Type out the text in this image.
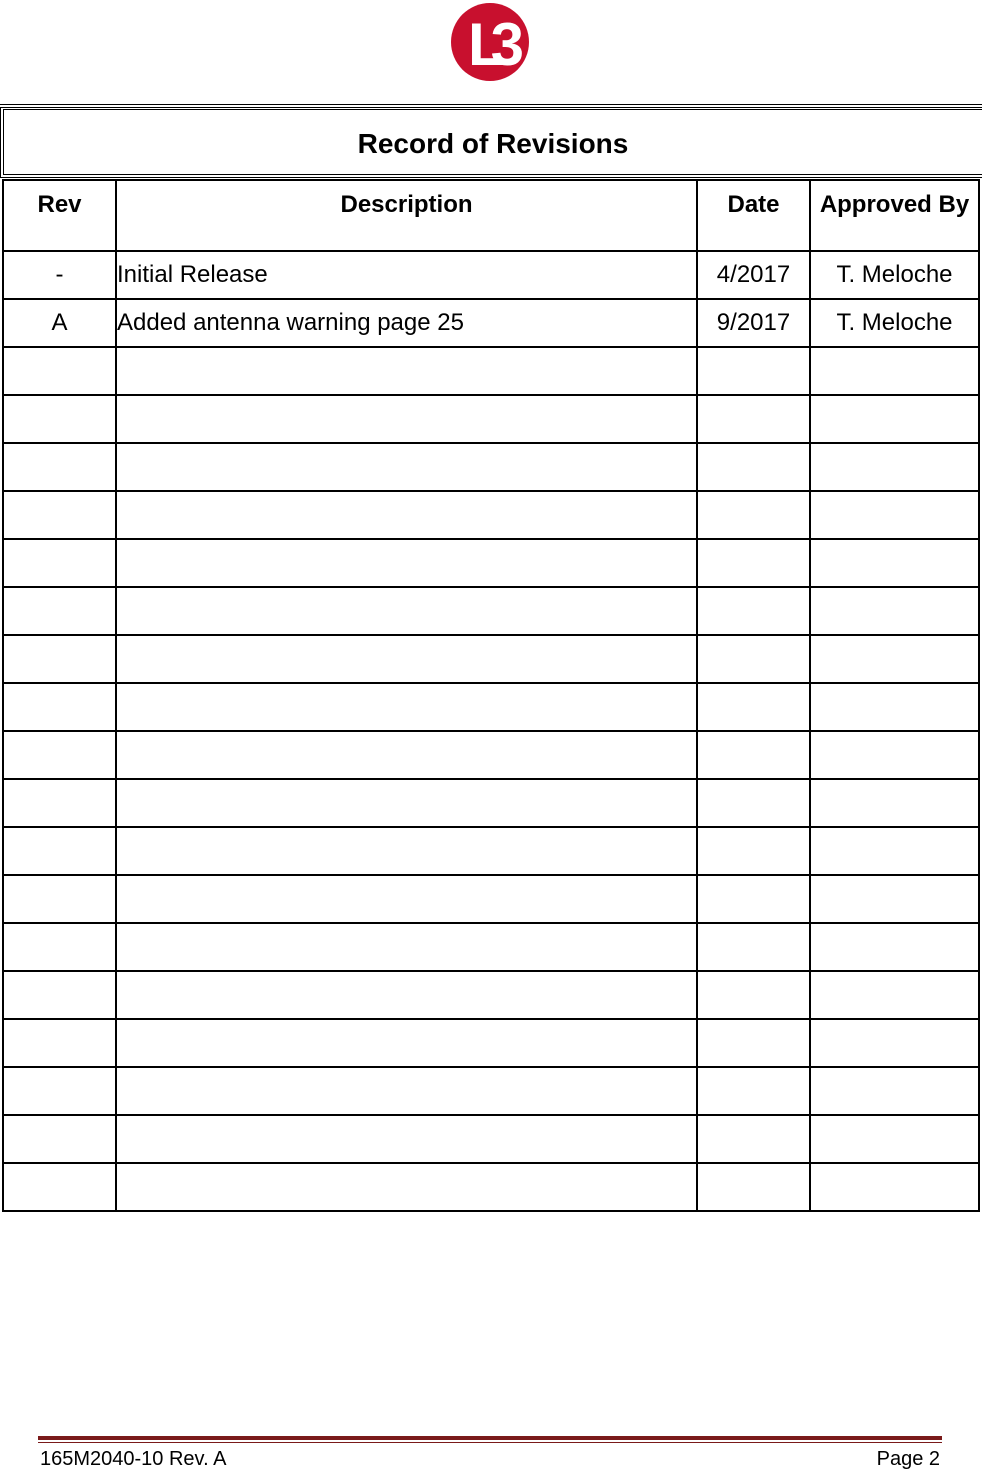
L3
Record of Revisions
Rev	Description	Date	Approved By
-	Initial Release	4/2017	T. Meloche
A	Added antenna warning page 25	9/2017	T. Meloche

165M2040-10 Rev. A	Page 2
